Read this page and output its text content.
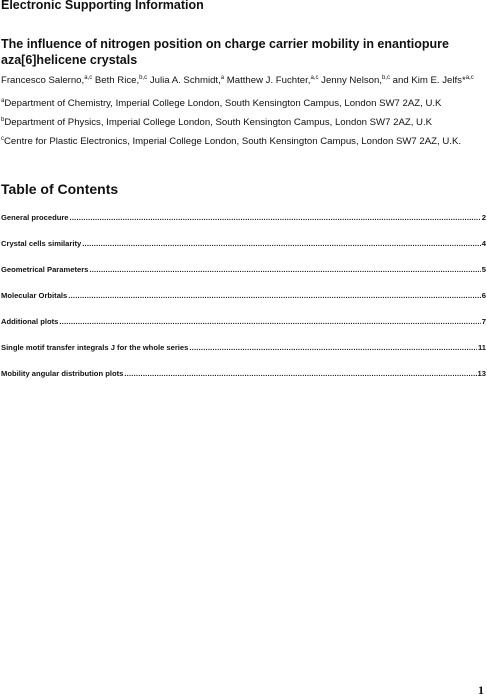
Electronic Supporting Information
The influence of nitrogen position on charge carrier mobility in enantiopure aza[6]helicene crystals
Francesco Salerno,$^{a,c}$ Beth Rice,$^{b,c}$ Julia A. Schmidt,$^a$ Matthew J. Fuchter,$^{a,c}$ Jenny Nelson,$^{b,c}$ and Kim E. Jelfs*$^{a,c}$
$^a$Department of Chemistry, Imperial College London, South Kensington Campus, London SW7 2AZ, U.K
$^b$Department of Physics, Imperial College London, South Kensington Campus, London SW7 2AZ, U.K
$^c$Centre for Plastic Electronics, Imperial College London, South Kensington Campus, London SW7 2AZ, U.K.
Table of Contents
General procedure .....	2
Crystal cells similarity .....	4
Geometrical Parameters .....	5
Molecular Orbitals .....	6
Additional plots .....	7
Single motif transfer integrals J for the whole series .....	11
Mobility angular distribution plots .....	13
1
